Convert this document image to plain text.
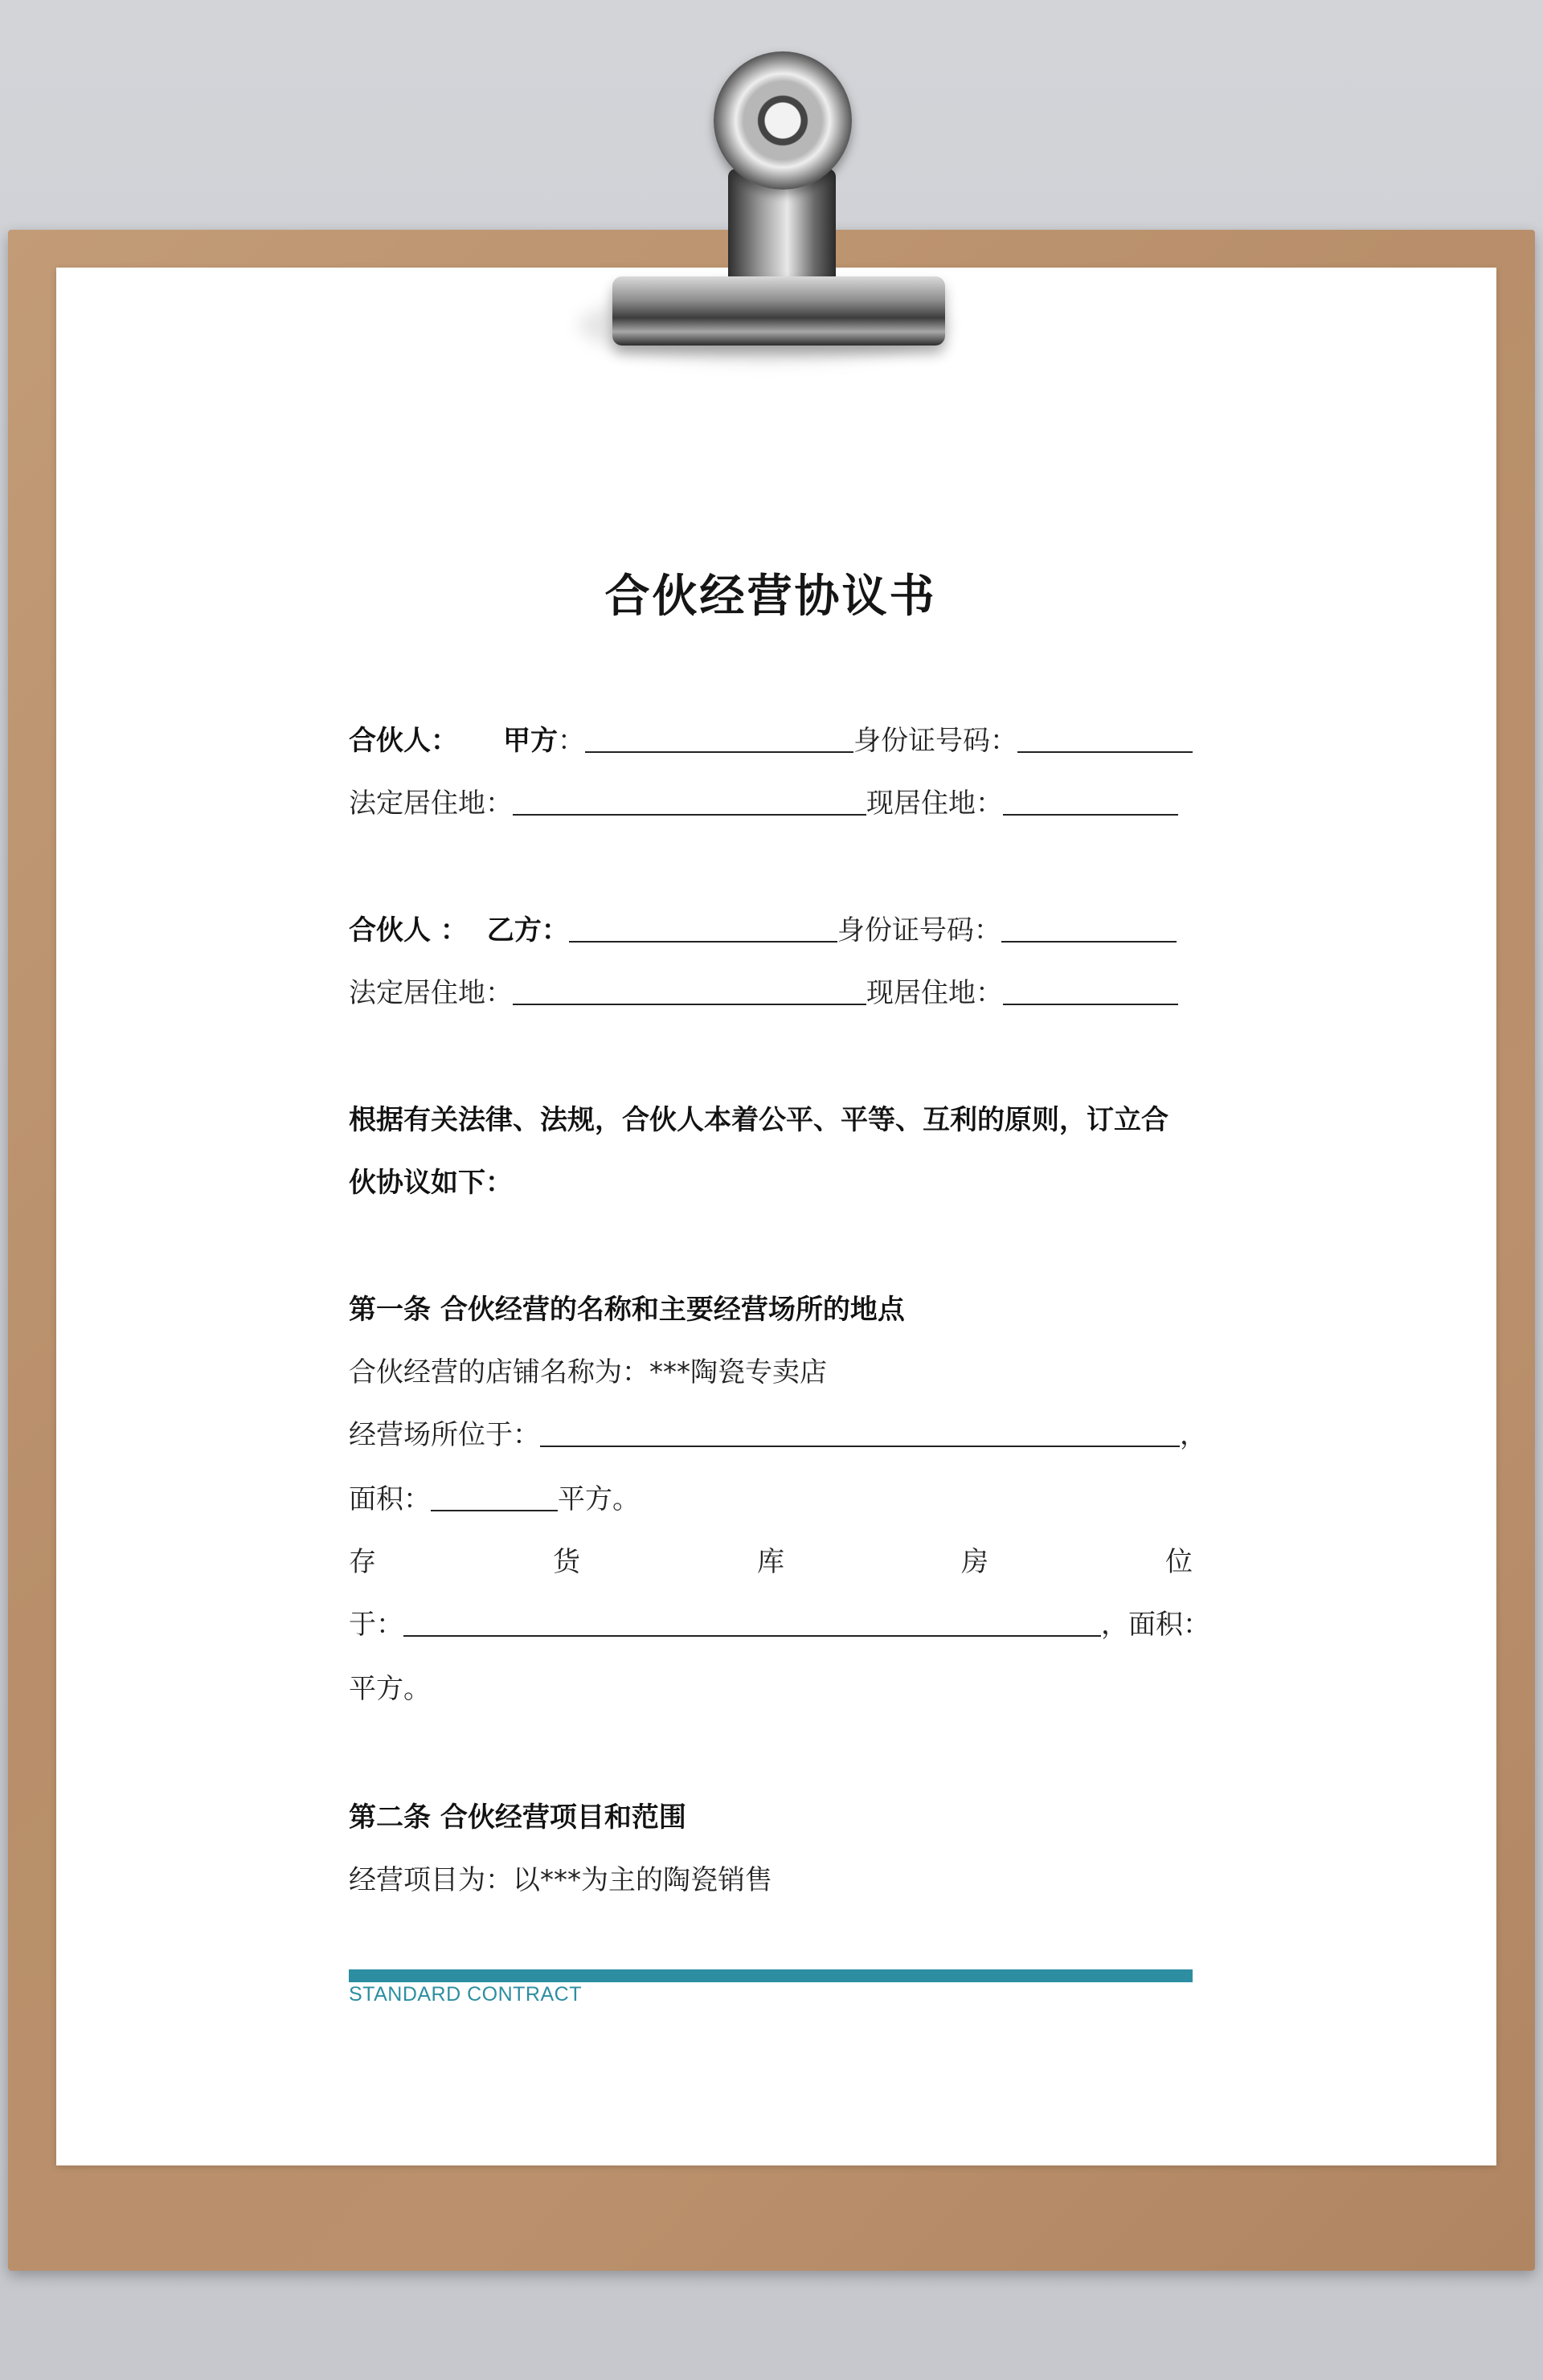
合伙经营协议书
合伙人： 甲方：	身份证号码：
法定居住地：	现居住地：
合伙人 ： 乙方：	身份证号码：
法定居住地：	现居住地：
根据有关法律、法规，合伙人本着公平、平等、互利的原则，订立合
伙协议如下：
第一条 合伙经营的名称和主要经营场所的地点
合伙经营的店铺名称为：***陶瓷专卖店
经营场所位于：	，
面积：	平方。
存	货	库	房	位
于：	，面积：
平方。
第二条 合伙经营项目和范围
经营项目为：以***为主的陶瓷销售
STANDARD CONTRACT
